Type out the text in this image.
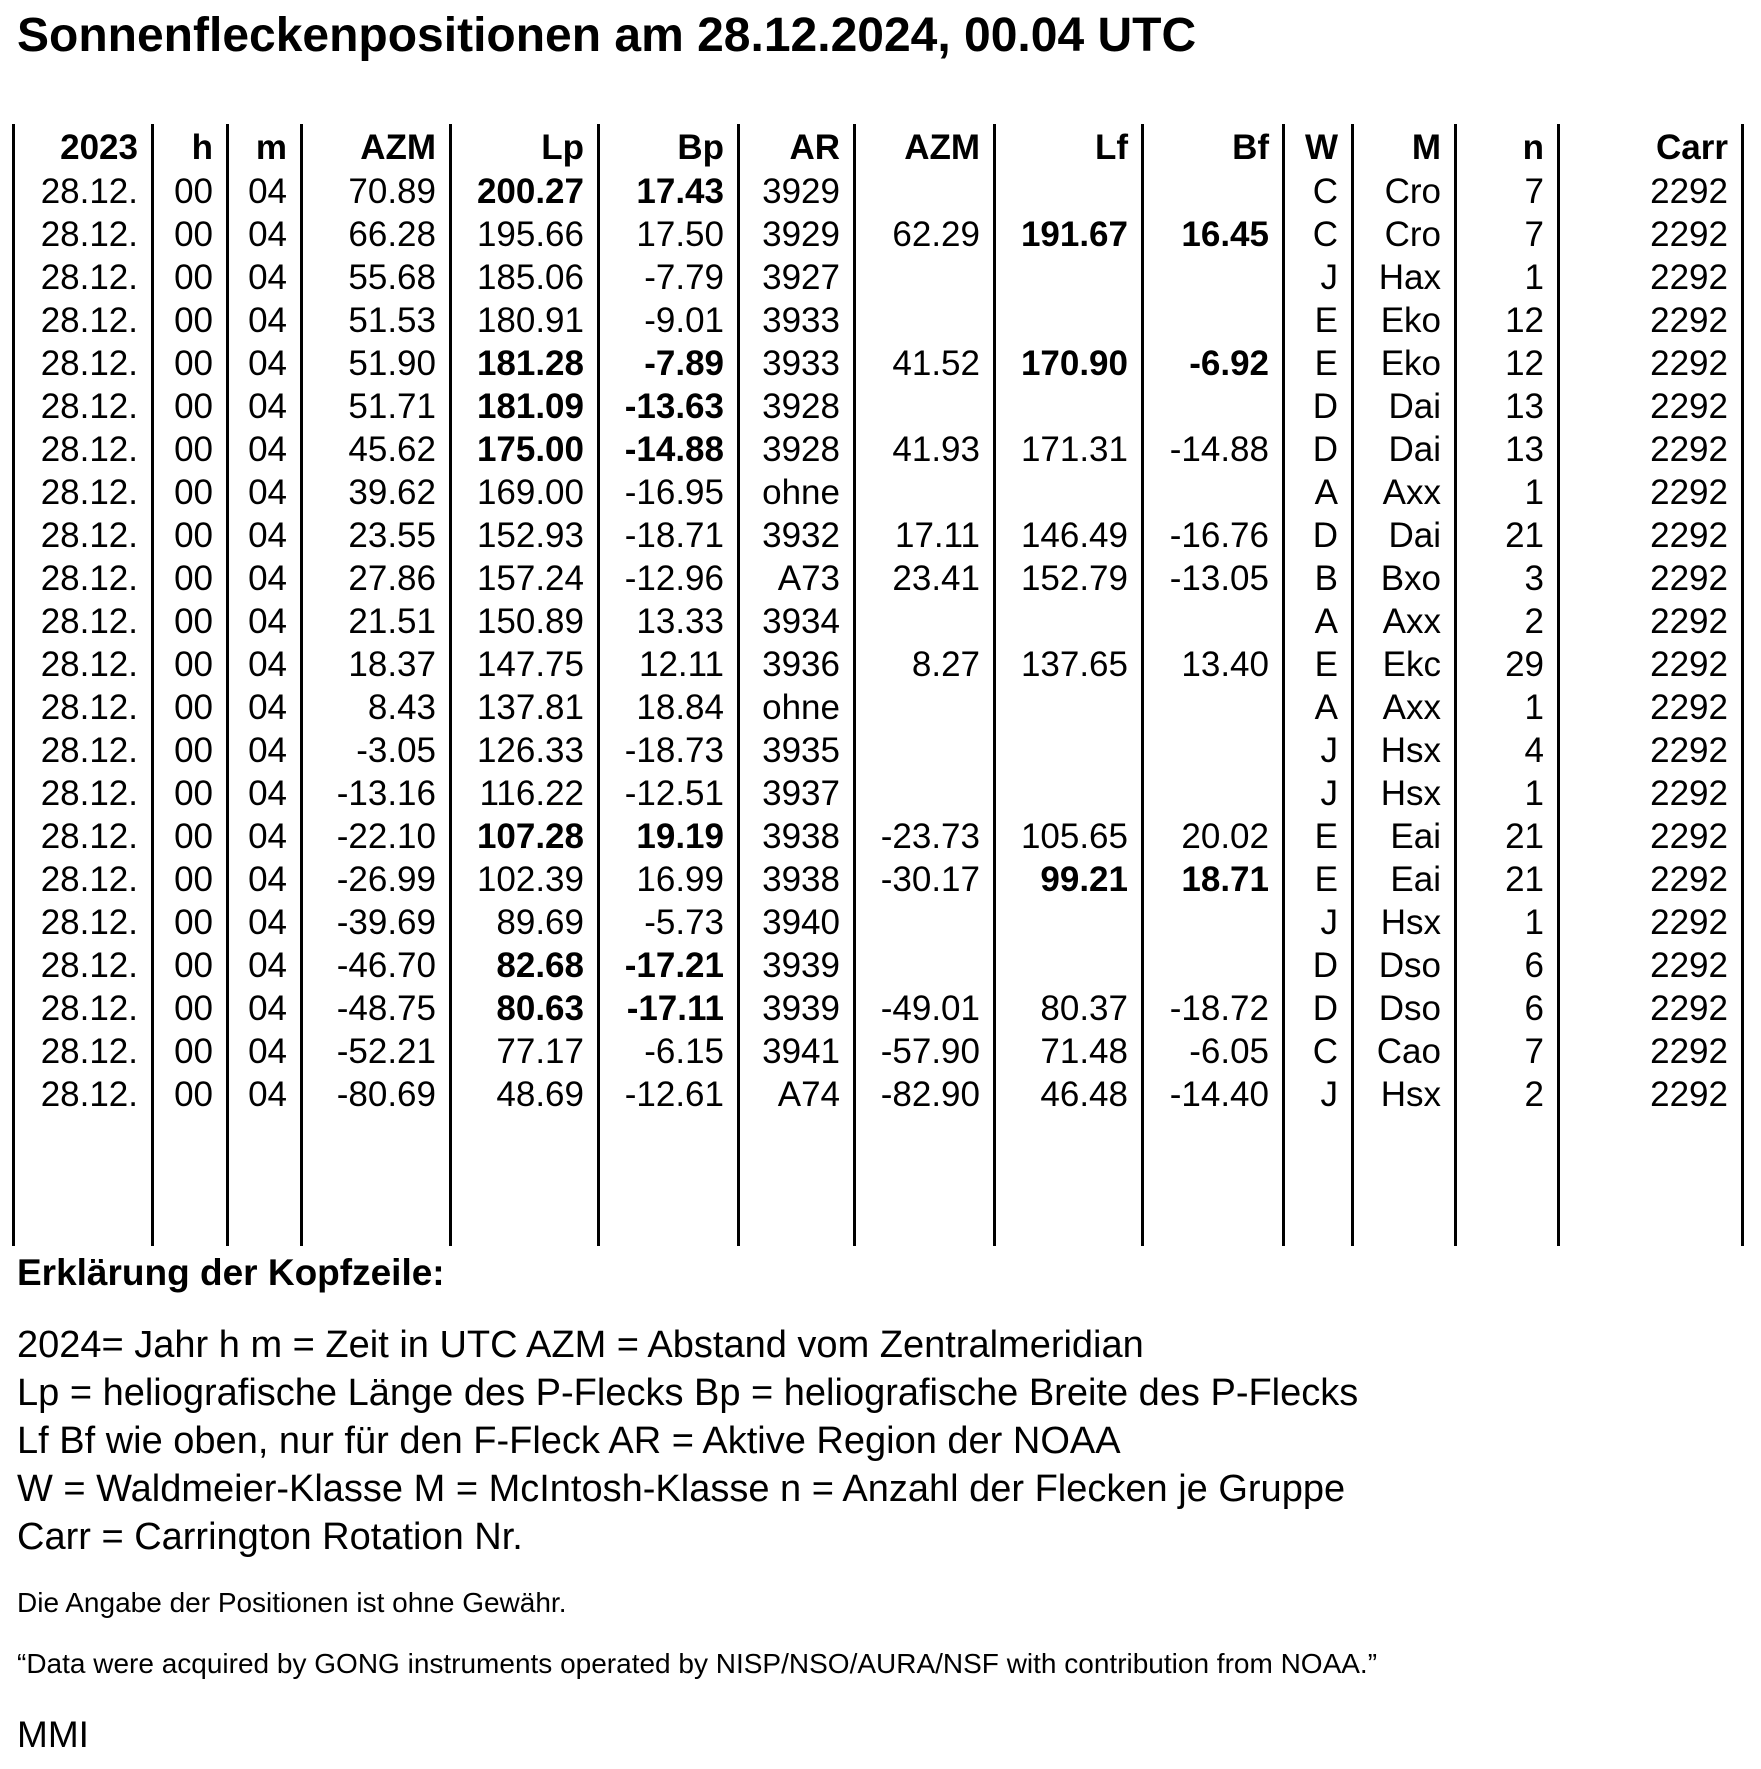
Sonnenfleckenpositionen am 28.12.2024, 00.04 UTC
2023 h m AZM	Lp	Bp AR AZM	Lf	Bf W M n	Carr
28.12. 00 04 70.89 200.27 17.43 3929	C Cro 7	2292
28.12. 00 04 66.28 195.66 17.50 3929 62.29 191.67 16.45 C Cro 7	2292
28.12. 00 04 55.68 185.06 -7.79 3927	J Hax 1	2292
28.12. 00 04 51.53 180.91 -9.01 3933	E Eko 12	2292
28.12. 00 04 51.90 181.28 -7.89 3933 41.52 170.90 -6.92 E Eko 12	2292
28.12. 00 04 51.71 181.09 -13.63 3928	D Dai 13	2292
28.12. 00 04 45.62 175.00 -14.88 3928 41.93 171.31 -14.88 D Dai 13	2292
28.12. 00 04 39.62 169.00 -16.95 ohne	A Axx 1	2292
28.12. 00 04 23.55 152.93 -18.71 3932 17.11 146.49 -16.76 D Dai 21	2292
28.12. 00 04 27.86 157.24 -12.96 A73 23.41 152.79 -13.05 B Bxo 3	2292
28.12. 00 04 21.51 150.89 13.33 3934	A Axx 2	2292
28.12. 00 04 18.37 147.75 12.11 3936 8.27 137.65 13.40 E Ekc 29	2292
28.12. 00 04 8.43 137.81 18.84 ohne	A Axx 1	2292
28.12. 00 04 -3.05 126.33 -18.73 3935	J Hsx 4	2292
28.12. 00 04 -13.16 116.22 -12.51 3937	J Hsx 1	2292
28.12. 00 04 -22.10 107.28 19.19 3938 -23.73 105.65 20.02 E Eai 21	2292
28.12. 00 04 -26.99 102.39 16.99 3938 -30.17 99.21 18.71 E Eai 21	2292
28.12. 00 04 -39.69 89.69 -5.73 3940	J Hsx 1	2292
28.12. 00 04 -46.70 82.68 -17.21 3939	D Dso 6	2292
28.12. 00 04 -48.75 80.63 -17.11 3939 -49.01 80.37 -18.72 D Dso 6	2292
28.12. 00 04 -52.21 77.17 -6.15 3941 -57.90 71.48 -6.05 C Cao 7	2292
28.12. 00 04 -80.69 48.69 -12.61 A74 -82.90 46.48 -14.40 J Hsx 2	2292
Erklärung der Kopfzeile:
2024= Jahr h m = Zeit in UTC AZM = Abstand vom Zentralmeridian
Lp = heliografische Länge des P-Flecks Bp = heliografische Breite des P-Flecks
Lf Bf wie oben, nur für den F-Fleck AR = Aktive Region der NOAA
W = Waldmeier-Klasse M = McIntosh-Klasse n = Anzahl der Flecken je Gruppe
Carr = Carrington Rotation Nr.
Die Angabe der Positionen ist ohne Gewähr.
“Data were acquired by GONG instruments operated by NISP/NSO/AURA/NSF with contribution from NOAA.”
MMI
